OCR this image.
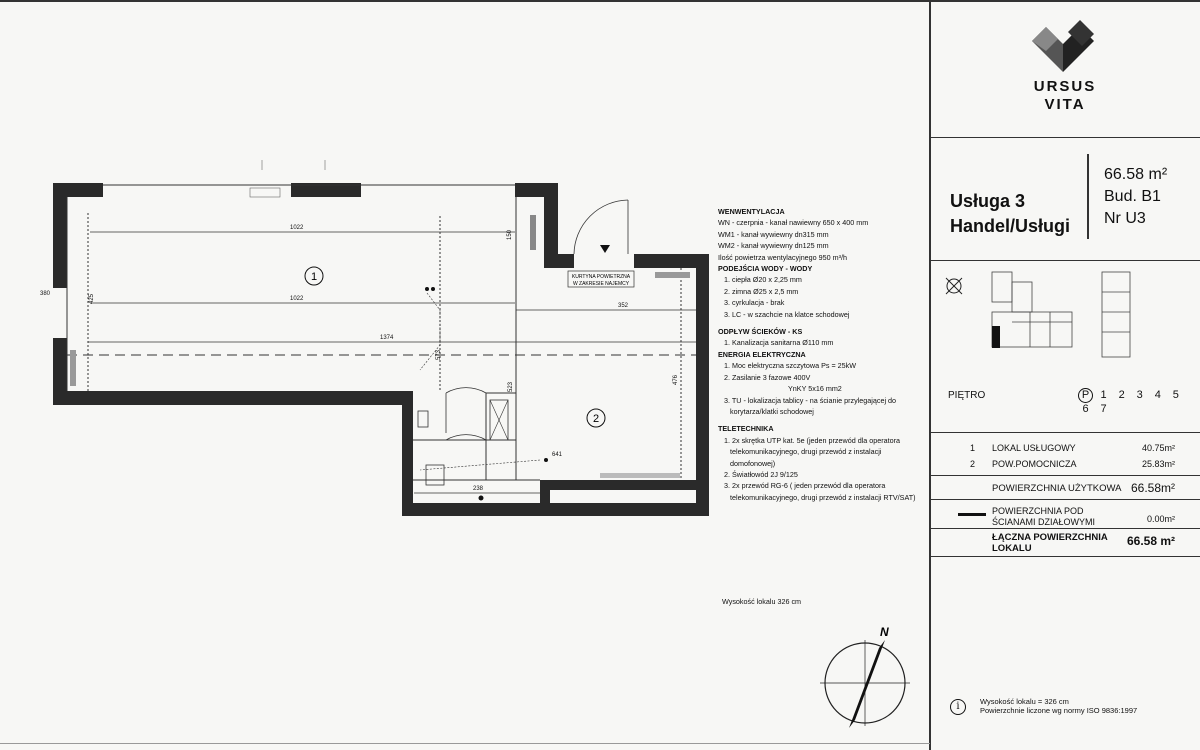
1022
1022
1374
150
352
425
573
523
476
641
238
380
1
2
KURTYNA POWIETRZNA
W ZAKRESIE NAJEMCY
N
WENWENTYLACJA
WN - czerpnia - kanał nawiewny 650 x 400 mm
WM1 - kanał wywiewny dn315 mm
WM2 - kanał wywiewny dn125 mm
Ilość powietrza wentylacyjnego 950 m³/h
PODEJŚCIA WODY - WODY
1. ciepła Ø20 x 2,25 mm
2. zimna Ø25 x 2,5 mm
3. cyrkulacja - brak
3. LC - w szachcie na klatce schodowej
ODPŁYW ŚCIEKÓW - KS
1. Kanalizacja sanitarna Ø110 mm
ENERGIA ELEKTRYCZNA
1. Moc elektryczna szczytowa Ps = 25kW
2. Zasilanie 3 fazowe 400V
YnKY 5x16 mm2
3. TU - lokalizacja tablicy - na ścianie przylegającej do korytarza/klatki schodowej
TELETECHNIKA
1. 2x skrętka UTP kat. 5e (jeden przewód dla operatora telekomunikacyjnego, drugi przewód z instalacji domofonowej)
2. Światłowód 2J 9/125
3. 2x przewód RG-6 ( jeden przewód dla operatora telekomunikacyjnego, drugi przewód z instalacji RTV/SAT)
Wysokość lokalu 326 cm
URSUS
VITA
Usługa 3
Handel/Usługi
66.58 m²
Bud. B1
Nr U3
PIĘTRO	P 1 2 3 4 5 6 7
1 LOKAL USŁUGOWY	40.75m²
2 POW.POMOCNICZA	25.83m²
POWIERZCHNIA UŻYTKOWA 66.58m²
POWIERZCHNIA POD ŚCIANAMI DZIAŁOWYMI	0.00m²
ŁĄCZNA POWIERZCHNIA LOKALU
66.58 m²
i	Wysokość lokalu = 326 cm
Powierzchnie liczone wg normy ISO 9836:1997
